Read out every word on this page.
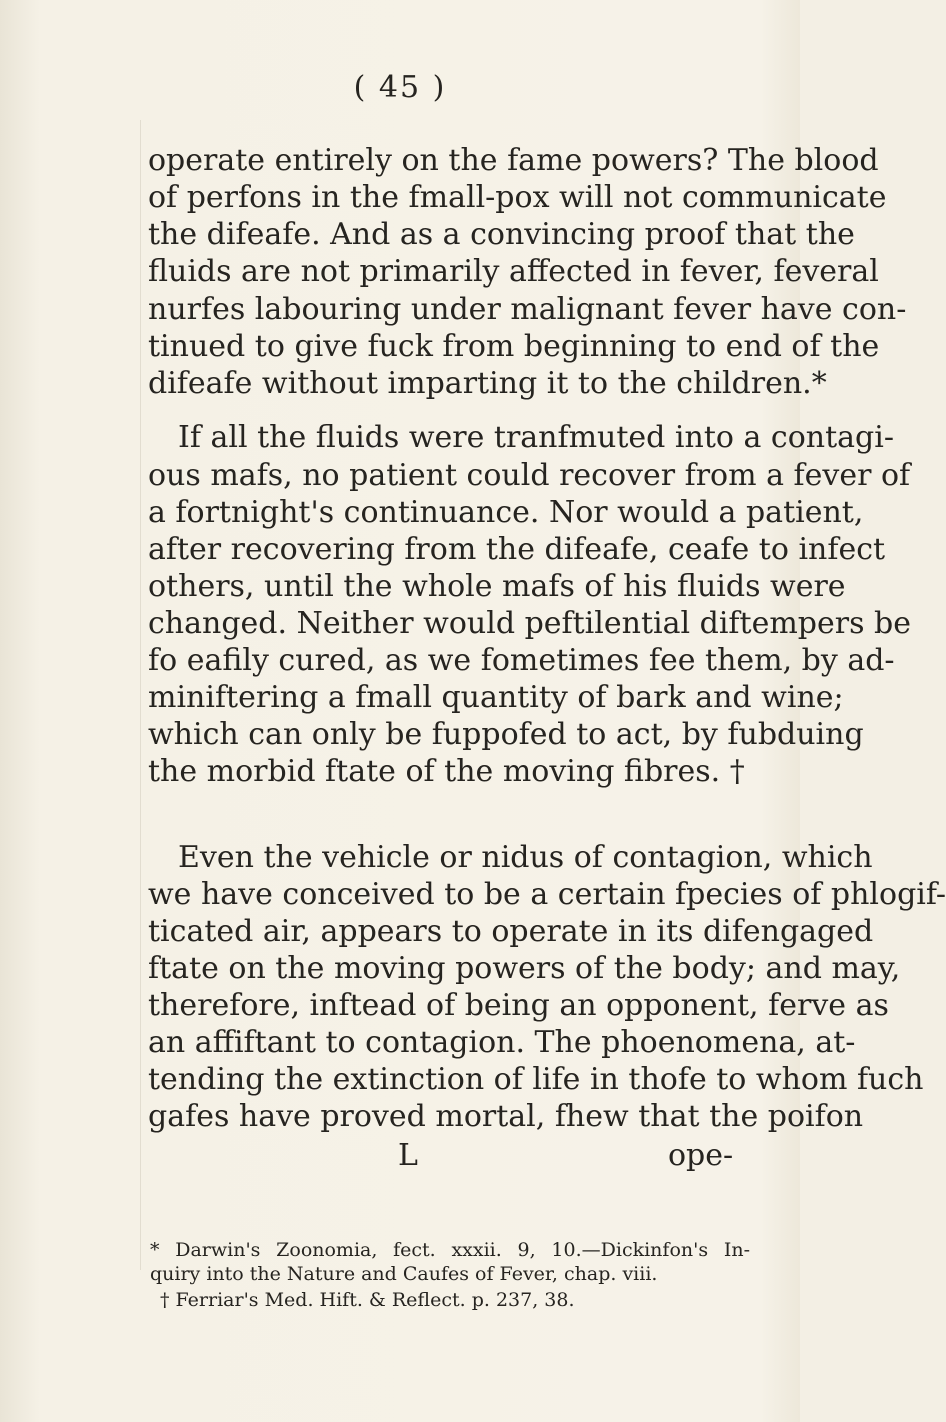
( 45 )
operate entirely on the fame powers? The blood
of perfons in the fmall-pox will not communicate
the difeafe. And as a convincing proof that the
fluids are not primarily affected in fever, feveral
nurfes labouring under malignant fever have con-
tinued to give fuck from beginning to end of the
difeafe without imparting it to the children.*
If all the fluids were tranfmuted into a contagi-
ous mafs, no patient could recover from a fever of
a fortnight's continuance. Nor would a patient,
after recovering from the difeafe, ceafe to infect
others, until the whole mafs of his fluids were
changed. Neither would peftilential diftempers be
fo eafily cured, as we fometimes fee them, by ad-
miniftering a fmall quantity of bark and wine;
which can only be fuppofed to act, by fubduing
the morbid ftate of the moving fibres. †
Even the vehicle or nidus of contagion, which
we have conceived to be a certain fpecies of phlogif-
ticated air, appears to operate in its difengaged
ftate on the moving powers of the body; and may,
therefore, inftead of being an opponent, ferve as
an affiftant to contagion. The phoenomena, at-
tending the extinction of life in thofe to whom fuch
gafes have proved mortal, fhew that the poifon
L	ope-
* Darwin's Zoonomia, fect. xxxii. 9, 10.—Dickinfon's In-
quiry into the Nature and Caufes of Fever, chap. viii.
† Ferriar's Med. Hift. & Reflect. p. 237, 38.
